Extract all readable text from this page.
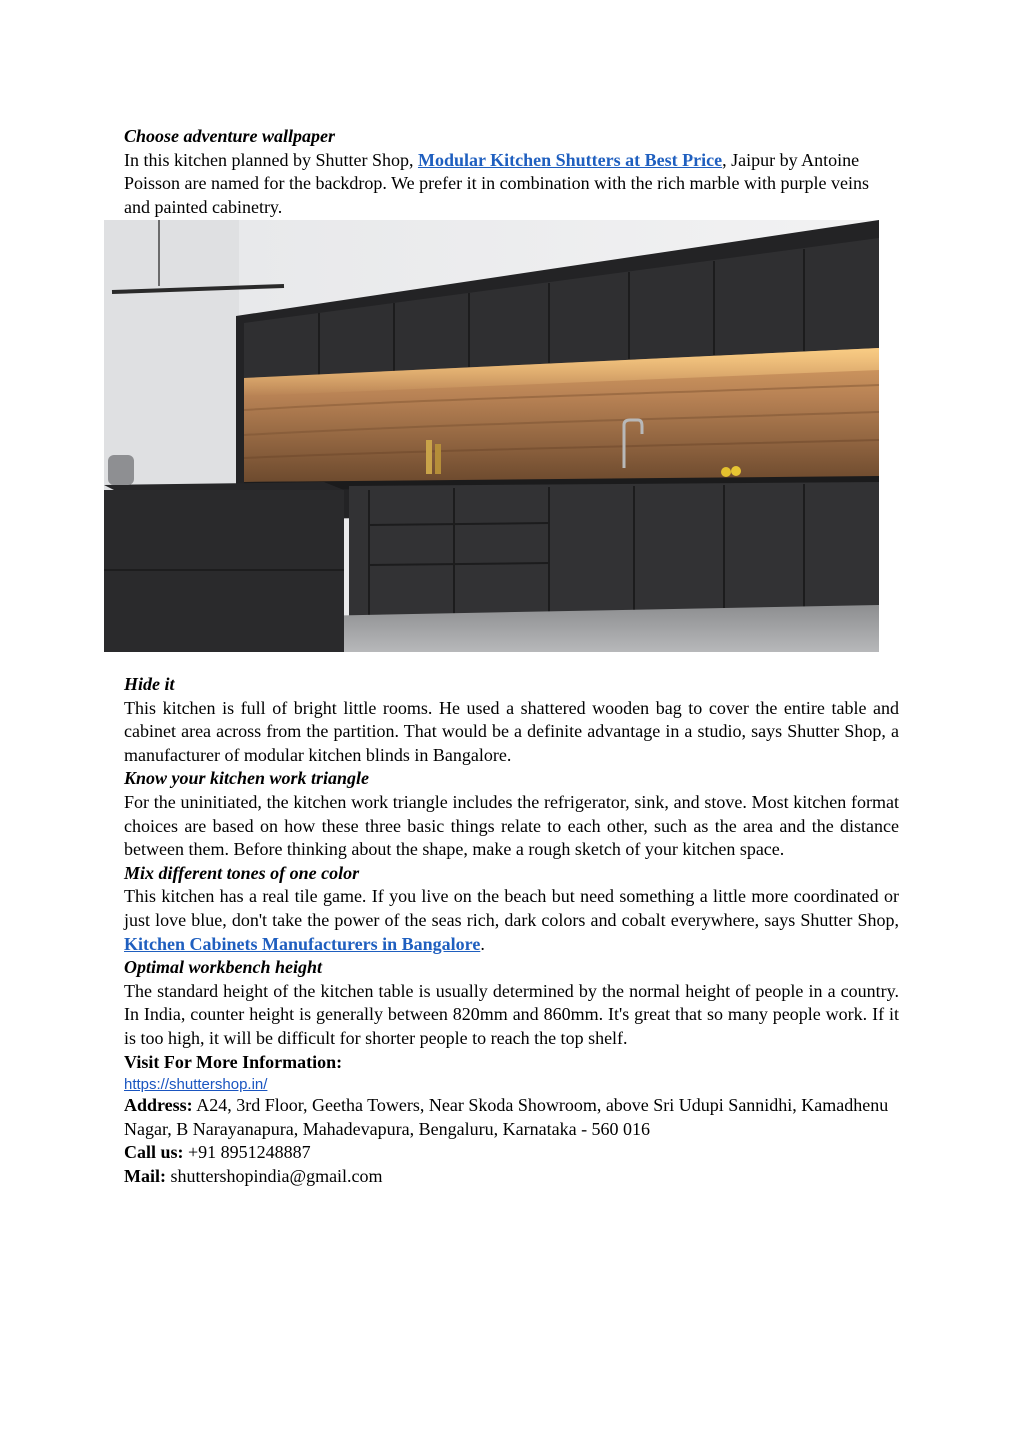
Choose adventure wallpaper

In this kitchen planned by Shutter Shop, Modular Kitchen Shutters at Best Price, Jaipur by Antoine Poisson are named for the backdrop. We prefer it in combination with the rich marble with purple veins and painted cabinetry.

Hide it

This kitchen is full of bright little rooms. He used a shattered wooden bag to cover the entire table and cabinet area across from the partition. That would be a definite advantage in a studio, says Shutter Shop, a manufacturer of modular kitchen blinds in Bangalore.

Know your kitchen work triangle

For the uninitiated, the kitchen work triangle includes the refrigerator, sink, and stove. Most kitchen format choices are based on how these three basic things relate to each other, such as the area and the distance between them. Before thinking about the shape, make a rough sketch of your kitchen space.

Mix different tones of one color

This kitchen has a real tile game. If you live on the beach but need something a little more coordinated or just love blue, don't take the power of the seas rich, dark colors and cobalt everywhere, says Shutter Shop, Kitchen Cabinets Manufacturers in Bangalore.

Optimal workbench height

The standard height of the kitchen table is usually determined by the normal height of people in a country. In India, counter height is generally between 820mm and 860mm. It's great that so many people work. If it is too high, it will be difficult for shorter people to reach the top shelf.

Visit For More Information:

https://shuttershop.in/

Address: A24, 3rd Floor, Geetha Towers, Near Skoda Showroom, above Sri Udupi Sannidhi, Kamadhenu Nagar, B Narayanapura, Mahadevapura, Bengaluru, Karnataka - 560 016

Call us: +91 8951248887

Mail: shuttershopindia@gmail.com
